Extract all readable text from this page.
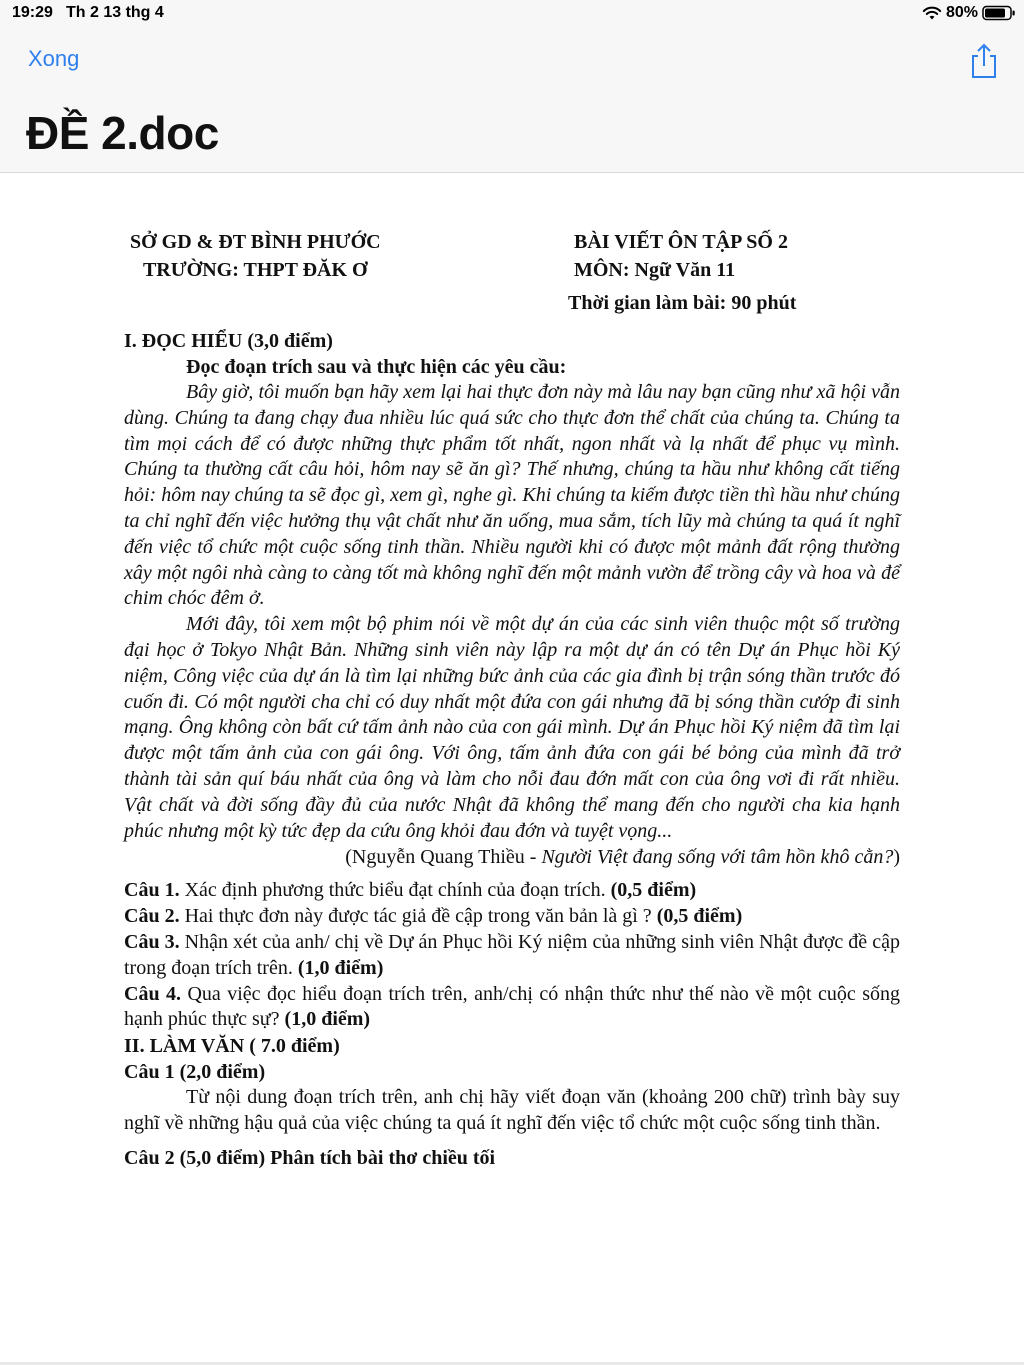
19:29 Th 2 13 thg 4	80%
Xong
ĐỀ 2.doc
SỞ GD & ĐT BÌNH PHƯỚC
TRƯỜNG: THPT ĐĂK Ơ
BÀI VIẾT ÔN TẬP SỐ 2
MÔN: Ngữ Văn 11
Thời gian làm bài: 90 phút
I. ĐỌC HIỂU (3,0 điểm)
Đọc đoạn trích sau và thực hiện các yêu cầu:

Bây giờ, tôi muốn bạn hãy xem lại hai thực đơn này mà lâu nay bạn cũng như xã hội vẫn dùng. Chúng ta đang chạy đua nhiều lúc quá sức cho thực đơn thể chất của chúng ta. Chúng ta tìm mọi cách để có được những thực phẩm tốt nhất, ngon nhất và lạ nhất để phục vụ mình. Chúng ta thường cất câu hỏi, hôm nay sẽ ăn gì? Thế nhưng, chúng ta hầu như không cất tiếng hỏi: hôm nay chúng ta sẽ đọc gì, xem gì, nghe gì. Khi chúng ta kiếm được tiền thì hầu như chúng ta chỉ nghĩ đến việc hưởng thụ vật chất như ăn uống, mua sắm, tích lũy mà chúng ta quá ít nghĩ đến việc tổ chức một cuộc sống tinh thần. Nhiều người khi có được một mảnh đất rộng thường xây một ngôi nhà càng to càng tốt mà không nghĩ đến một mảnh vườn để trồng cây và hoa và để chim chóc đêm ở.

Mới đây, tôi xem một bộ phim nói về một dự án của các sinh viên thuộc một số trường đại học ở Tokyo Nhật Bản. Những sinh viên này lập ra một dự án có tên Dự án Phục hồi Ký niệm, Công việc của dự án là tìm lại những bức ảnh của các gia đình bị trận sóng thần trước đó cuốn đi. Có một người cha chỉ có duy nhất một đứa con gái nhưng đã bị sóng thần cướp đi sinh mạng. Ông không còn bất cứ tấm ảnh nào của con gái mình. Dự án Phục hồi Ký niệm đã tìm lại được một tấm ảnh của con gái ông. Với ông, tấm ảnh đứa con gái bé bỏng của mình đã trở thành tài sản quí báu nhất của ông và làm cho nỗi đau đớn mất con của ông vơi đi rất nhiều. Vật chất và đời sống đầy đủ của nước Nhật đã không thể mang đến cho người cha kia hạnh phúc nhưng một kỳ tức đẹp da cứu ông khỏi đau đớn và tuyệt vọng...

(Nguyễn Quang Thiều - Người Việt đang sống với tâm hồn khô cằn?)

Câu 1. Xác định phương thức biểu đạt chính của đoạn trích. (0,5 điểm)

Câu 2. Hai thực đơn này được tác giả đề cập trong văn bản là gì ? (0,5 điểm)

Câu 3. Nhận xét của anh/ chị về Dự án Phục hồi Ký niệm của những sinh viên Nhật được đề cập trong đoạn trích trên. (1,0 điểm)

Câu 4. Qua việc đọc hiểu đoạn trích trên, anh/chị có nhận thức như thế nào về một cuộc sống hạnh phúc thực sự? (1,0 điểm)

II. LÀM VĂN ( 7.0 điểm)
Câu 1 (2,0 điểm)

Từ nội dung đoạn trích trên, anh chị hãy viết đoạn văn (khoảng 200 chữ) trình bày suy nghĩ về những hậu quả của việc chúng ta quá ít nghĩ đến việc tổ chức một cuộc sống tinh thần.

Câu 2 (5,0 điểm) Phân tích bài thơ chiều tối
